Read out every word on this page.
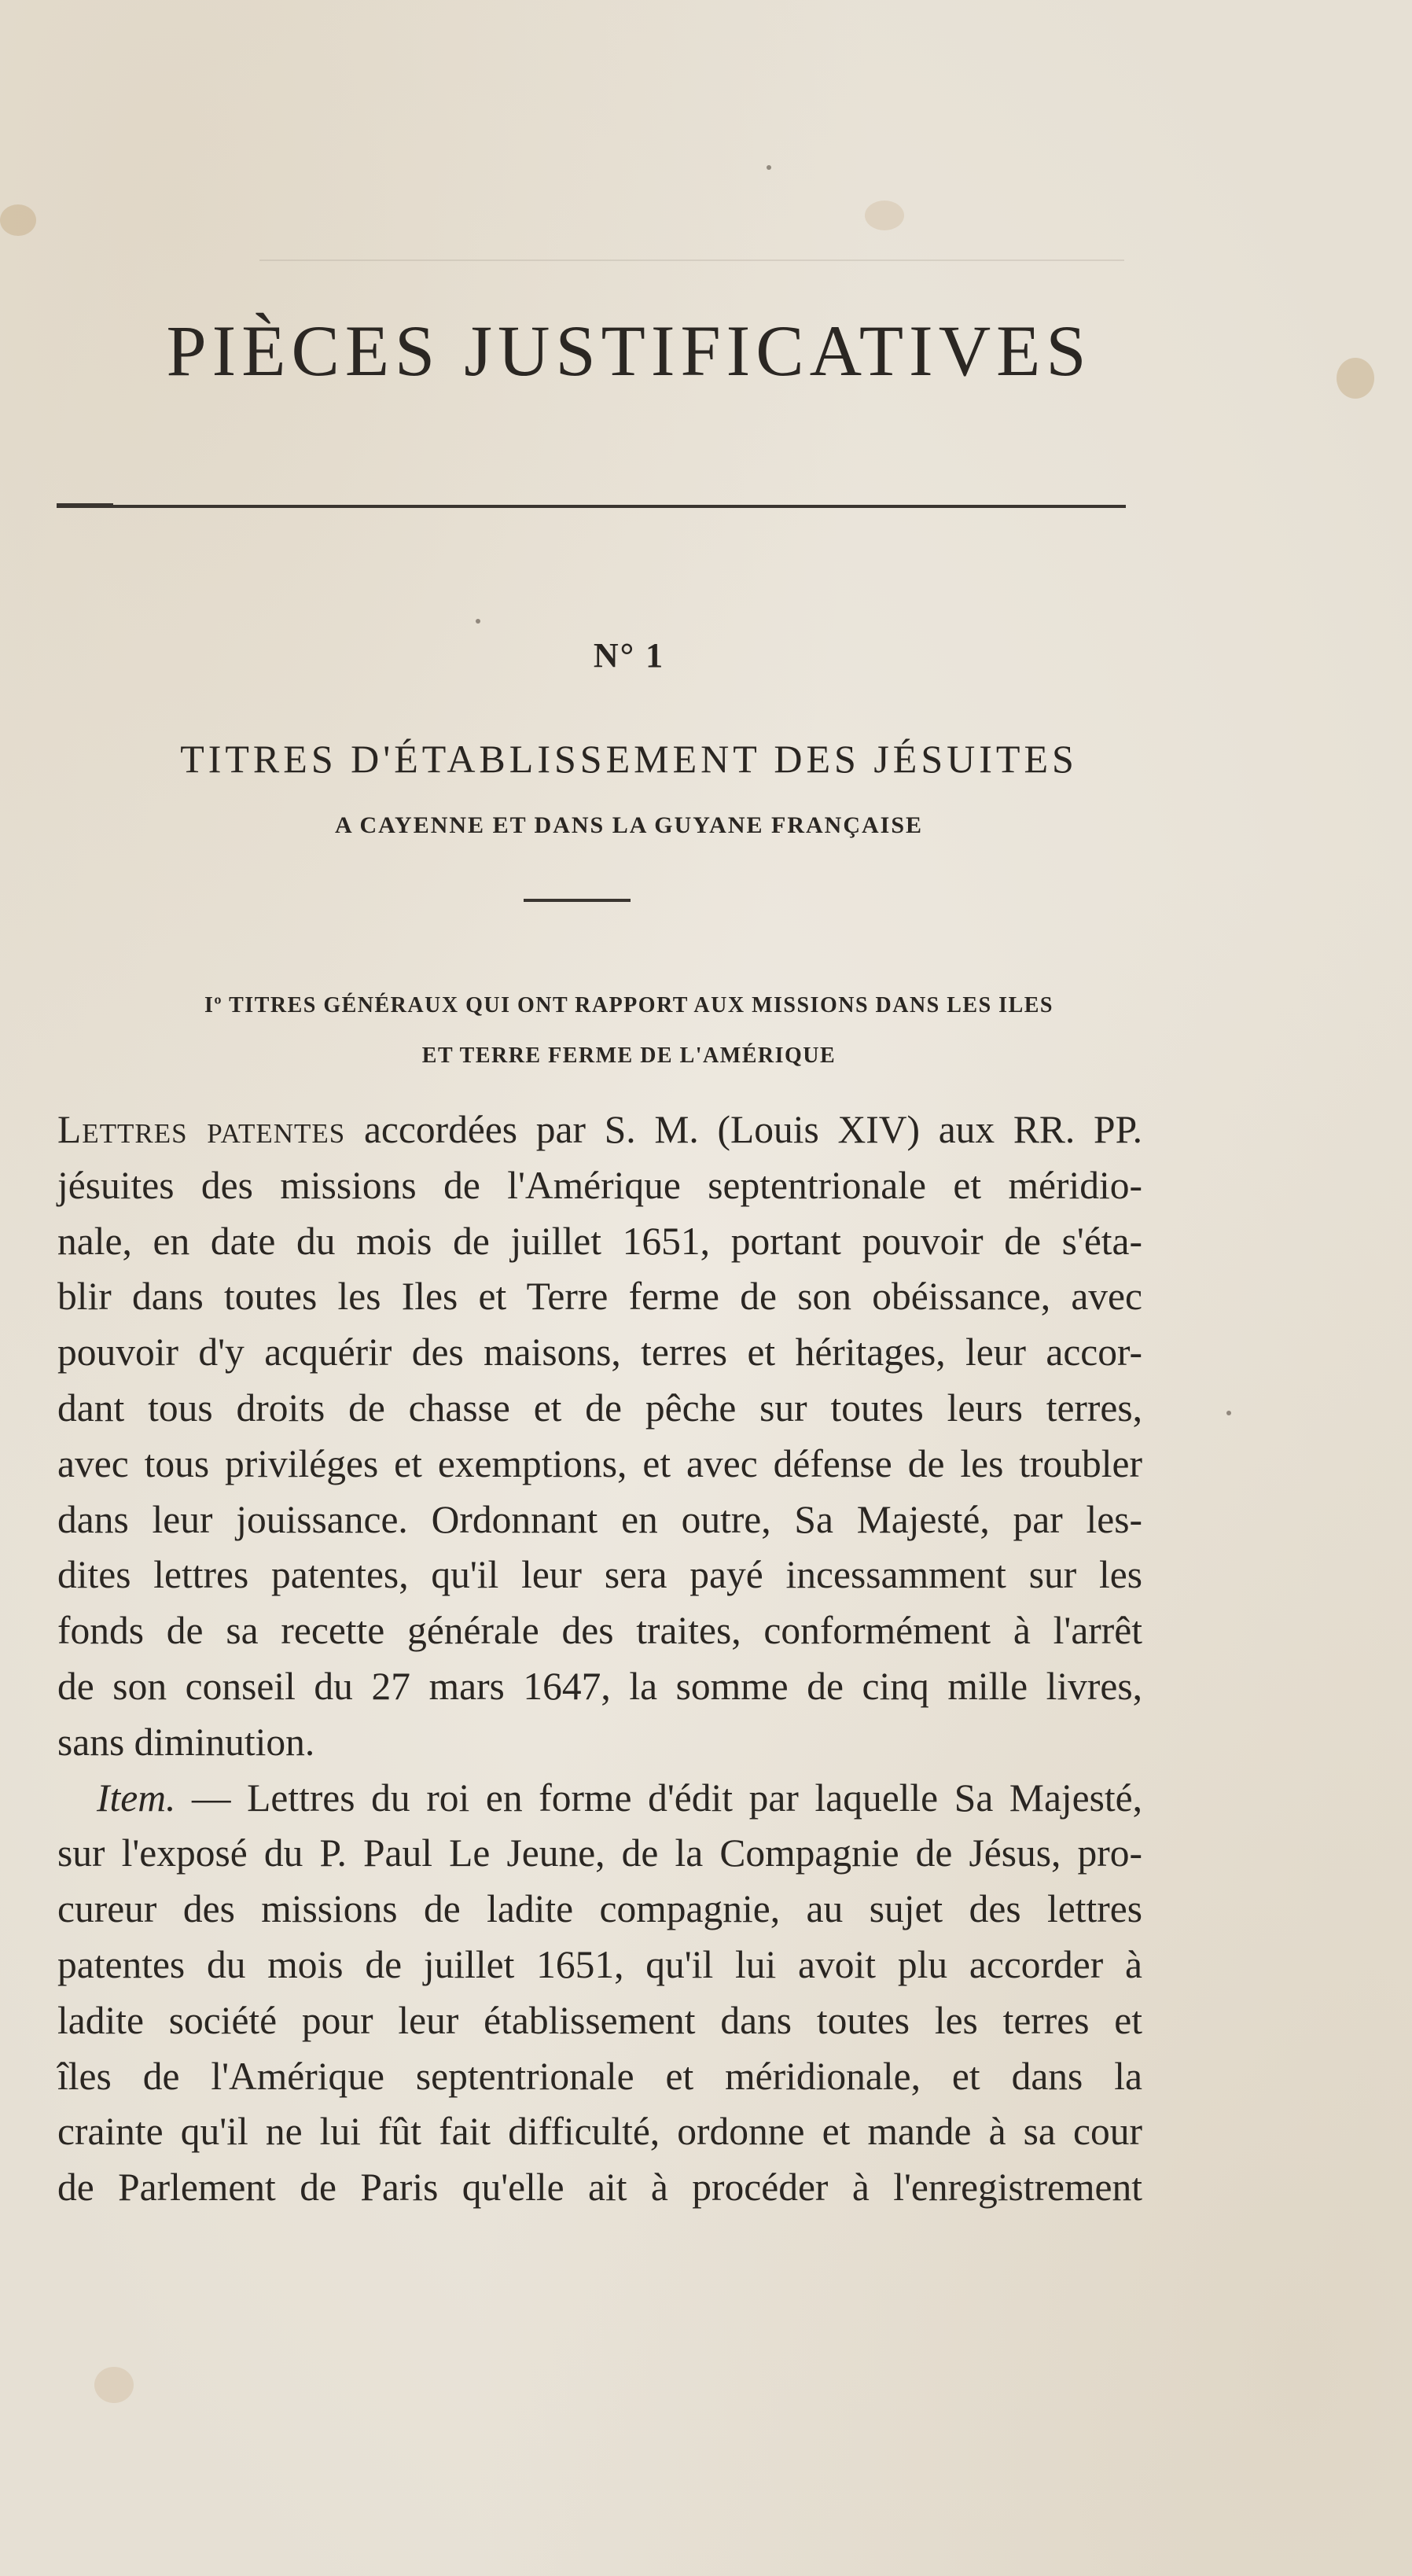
PIÈCES JUSTIFICATIVES
N° 1
TITRES D'ÉTABLISSEMENT DES JÉSUITES
A CAYENNE ET DANS LA GUYANE FRANÇAISE
Iº TITRES GÉNÉRAUX QUI ONT RAPPORT AUX MISSIONS DANS LES ILES
ET TERRE FERME DE L'AMÉRIQUE
Lettres patentes accordées par S. M. (Louis XIV) aux RR. PP.
jésuites des missions de l'Amérique septentrionale et méridio-
nale, en date du mois de juillet 1651, portant pouvoir de s'éta-
blir dans toutes les Iles et Terre ferme de son obéissance, avec
pouvoir d'y acquérir des maisons, terres et héritages, leur accor-
dant tous droits de chasse et de pêche sur toutes leurs terres,
avec tous priviléges et exemptions, et avec défense de les troubler
dans leur jouissance. Ordonnant en outre, Sa Majesté, par les-
dites lettres patentes, qu'il leur sera payé incessamment sur les
fonds de sa recette générale des traites, conformément à l'arrêt
de son conseil du 27 mars 1647, la somme de cinq mille livres,
sans diminution.
Item. — Lettres du roi en forme d'édit par laquelle Sa Majesté,
sur l'exposé du P. Paul Le Jeune, de la Compagnie de Jésus, pro-
cureur des missions de ladite compagnie, au sujet des lettres
patentes du mois de juillet 1651, qu'il lui avoit plu accorder à
ladite société pour leur établissement dans toutes les terres et
îles de l'Amérique septentrionale et méridionale, et dans la
crainte qu'il ne lui fût fait difficulté, ordonne et mande à sa cour
de Parlement de Paris qu'elle ait à procéder à l'enregistrement
